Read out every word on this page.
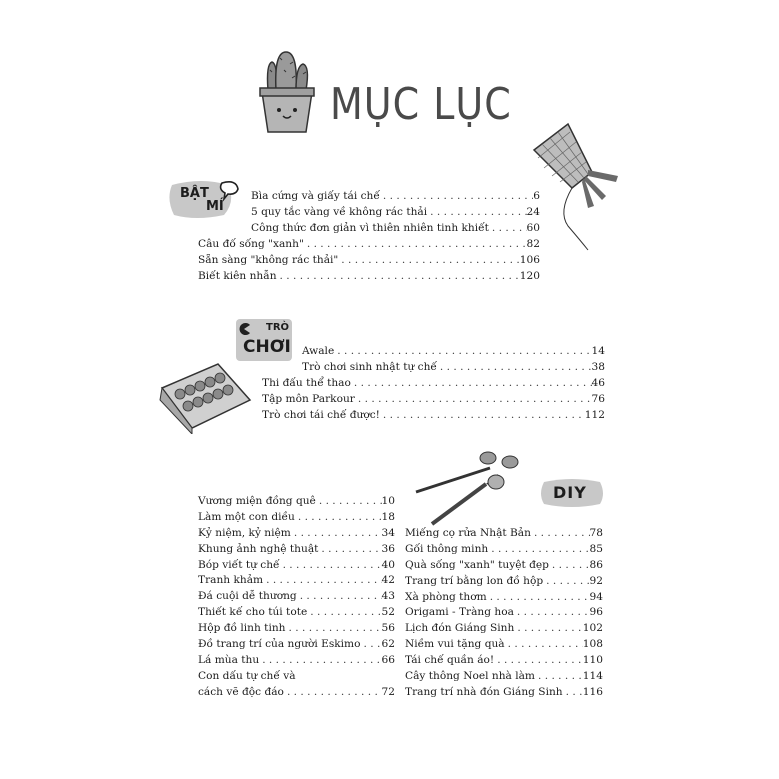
MỤC LỤC
BẬT
MÍ
Bìa cứng và giấy tái chế . . .	6
5 quy tắc vàng về không rác thải . . .	24
Công thức đơn giản vì thiên nhiên tinh khiết . . .	60
Câu đố sống "xanh" . . .	82
Sẵn sàng "không rác thải" . . .	106
Biết kiên nhẫn . . .	120
TRÒ
CHƠI Awale . . .	14
Trò chơi sinh nhật tự chế . . .	38
Thi đấu thể thao . . .	46
Tập môn Parkour . . .	76
Trò chơi tái chế được! . . .	112
DIY
Vương miện đồng quê . . .	10
Làm một con diều . . .	18
Kỷ niệm, kỷ niệm . . .	34
Khung ảnh nghệ thuật . . .	36
Bóp viết tự chế . . .	40
Tranh khảm . . .	42
Đá cuội dễ thương . . .	43
Thiết kế cho túi tote . . .	52
Hộp đồ linh tinh . . .	56
Đồ trang trí của người Eskimo . . . 62
Lá mùa thu . . .	66
Con dấu tự chế và
cách vẽ độc đáo . . .	72
Miếng cọ rửa Nhật Bản . . .	78
Gối thông minh . . .	85
Quà sống "xanh" tuyệt đẹp . . .	86
Trang trí bằng lon đồ hộp . . .	92
Xà phòng thơm . . .	94
Origami - Tràng hoa . . .	96
Lịch đón Giáng Sinh . . .	102
Niềm vui tặng quà . . .	108
Tái chế quần áo! . . .	110
Cây thông Noel nhà làm . . .	114
Trang trí nhà đón Giáng Sinh . . . 116
